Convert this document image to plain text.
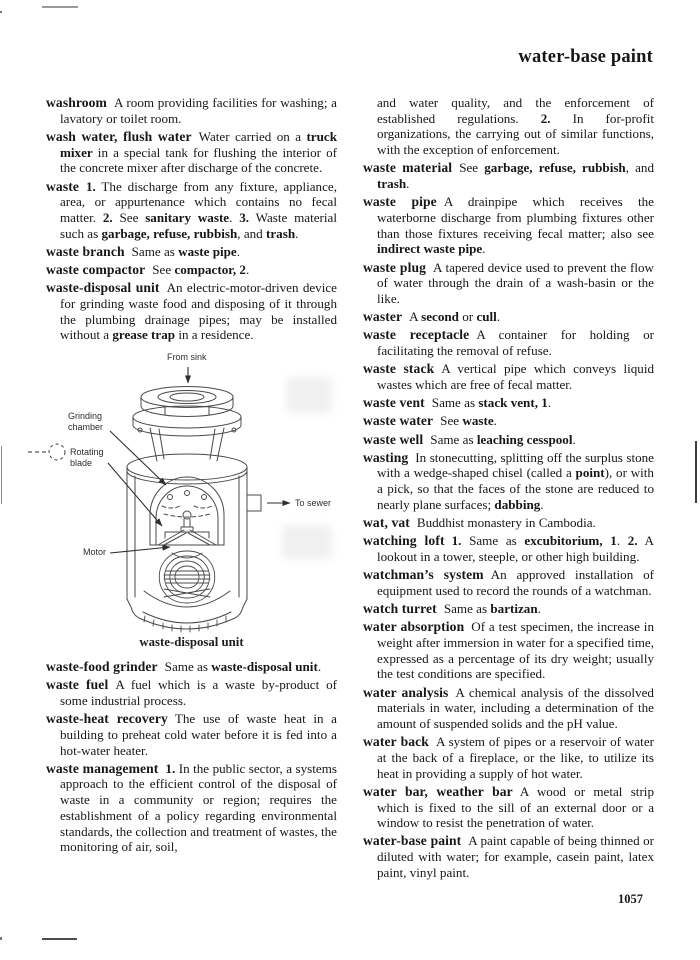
water-base paint
1057

washroom A room providing facilities for washing; a lavatory or toilet room.

wash water, flush water Water carried on a truck mixer in a special tank for flushing the interior of the concrete mixer after discharge of the concrete.

waste 1. The discharge from any fixture, appliance, area, or appurtenance which contains no fecal matter. 2. See sanitary waste. 3. Waste material such as garbage, refuse, rubbish, and trash.

waste branch Same as waste pipe.

waste compactor See compactor, 2.

waste-disposal unit An electric-motor-driven device for grinding waste food and disposing of it through the plumbing drainage pipes; may be installed without a grease trap in a residence.

From sink
Grinding chamber
Rotating blade
Motor
To sewer
waste-disposal unit

waste-food grinder Same as waste-disposal unit.

waste fuel A fuel which is a waste by-product of some industrial process.

waste-heat recovery The use of waste heat in a building to preheat cold water before it is fed into a hot-water heater.

waste management 1. In the public sector, a systems approach to the efficient control of the disposal of waste in a community or region; requires the establishment of a policy regarding environmental standards, the collection and treatment of wastes, the monitoring of air, soil,

and water quality, and the enforcement of established regulations. 2. In for-profit organizations, the carrying out of similar functions, with the exception of enforcement.

waste material See garbage, refuse, rubbish, and trash.

waste pipe A drainpipe which receives the waterborne discharge from plumbing fixtures other than those fixtures receiving fecal matter; also see indirect waste pipe.

waste plug A tapered device used to prevent the flow of water through the drain of a wash-basin or the like.

waster A second or cull.

waste receptacle A container for holding or facilitating the removal of refuse.

waste stack A vertical pipe which conveys liquid wastes which are free of fecal matter.

waste vent Same as stack vent, 1.

waste water See waste.

waste well Same as leaching cesspool.

wasting In stonecutting, splitting off the surplus stone with a wedge-shaped chisel (called a point), or with a pick, so that the faces of the stone are reduced to nearly plane surfaces; dabbing.

wat, vat Buddhist monastery in Cambodia.

watching loft 1. Same as excubitorium, 1. 2. A lookout in a tower, steeple, or other high building.

watchman’s system An approved installation of equipment used to record the rounds of a watchman.

watch turret Same as bartizan.

water absorption Of a test specimen, the increase in weight after immersion in water for a specified time, expressed as a percentage of its dry weight; usually the test conditions are specified.

water analysis A chemical analysis of the dissolved materials in water, including a determination of the amount of suspended solids and the pH value.

water back A system of pipes or a reservoir of water at the back of a fireplace, or the like, to utilize its heat in providing a supply of hot water.

water bar, weather bar A wood or metal strip which is fixed to the sill of an external door or a window to resist the penetration of water.

water-base paint A paint capable of being thinned or diluted with water; for example, casein paint, latex paint, vinyl paint.
